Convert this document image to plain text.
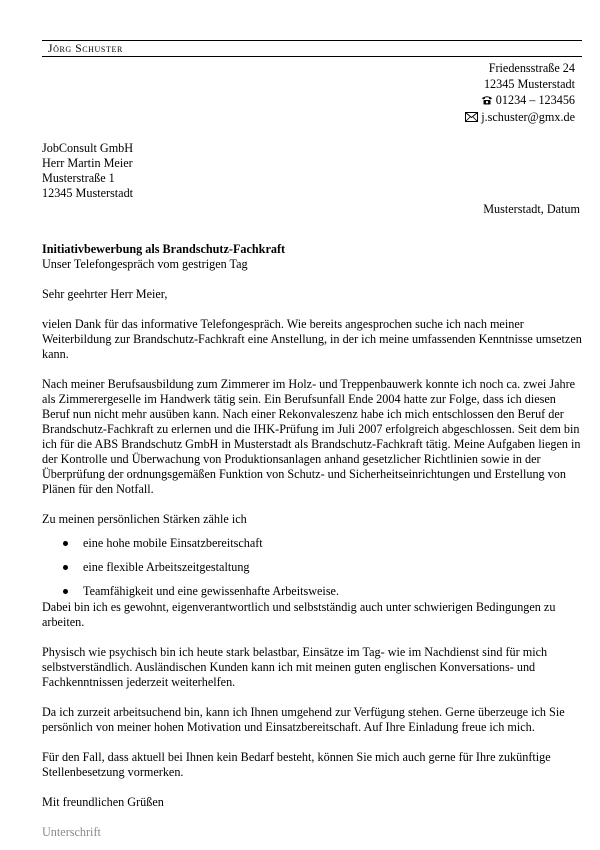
Jörg Schuster
Friedensstraße 24
12345 Musterstadt
01234 – 123456
j.schuster@gmx.de
JobConsult GmbH
Herr Martin Meier
Musterstraße 1
12345 Musterstadt
Musterstadt, Datum
Initiativbewerbung als Brandschutz-Fachkraft
Unser Telefongespräch vom gestrigen Tag

Sehr geehrter Herr Meier,

vielen Dank für das informative Telefongespräch. Wie bereits angesprochen suche ich nach meiner Weiterbildung zur Brandschutz-Fachkraft eine Anstellung, in der ich meine umfassenden Kenntnisse umsetzen kann.

Nach meiner Berufsausbildung zum Zimmerer im Holz- und Treppenbauwerk konnte ich noch ca. zwei Jahre als Zimmerergeselle im Handwerk tätig sein. Ein Berufsunfall Ende 2004 hatte zur Folge, dass ich diesen Beruf nun nicht mehr ausüben kann. Nach einer Rekonvaleszenz habe ich mich entschlossen den Beruf der Brandschutz-Fachkraft zu erlernen und die IHK-Prüfung im Juli 2007 erfolgreich abgeschlossen. Seit dem bin ich für die ABS Brandschutz GmbH in Musterstadt als Brandschutz-Fachkraft tätig. Meine Aufgaben liegen in der Kontrolle und Überwachung von Produktionsanlagen anhand gesetzlicher Richtlinien sowie in der Überprüfung der ordnungsgemäßen Funktion von Schutz- und Sicherheitseinrichtungen und Erstellung von Plänen für den Notfall.

Zu meinen persönlichen Stärken zähle ich

eine hohe mobile Einsatzbereitschaft
eine flexible Arbeitszeitgestaltung
Teamfähigkeit und eine gewissenhafte Arbeitsweise.

Dabei bin ich es gewohnt, eigenverantwortlich und selbstständig auch unter schwierigen Bedingungen zu arbeiten.

Physisch wie psychisch bin ich heute stark belastbar, Einsätze im Tag- wie im Nachdienst sind für mich selbstverständlich. Ausländischen Kunden kann ich mit meinen guten englischen Konversations- und Fachkenntnissen jederzeit weiterhelfen.

Da ich zurzeit arbeitsuchend bin, kann ich Ihnen umgehend zur Verfügung stehen. Gerne überzeuge ich Sie persönlich von meiner hohen Motivation und Einsatzbereitschaft. Auf Ihre Einladung freue ich mich.

Für den Fall, dass aktuell bei Ihnen kein Bedarf besteht, können Sie mich auch gerne für Ihre zukünftige Stellenbesetzung vormerken.

Mit freundlichen Grüßen

Unterschrift
